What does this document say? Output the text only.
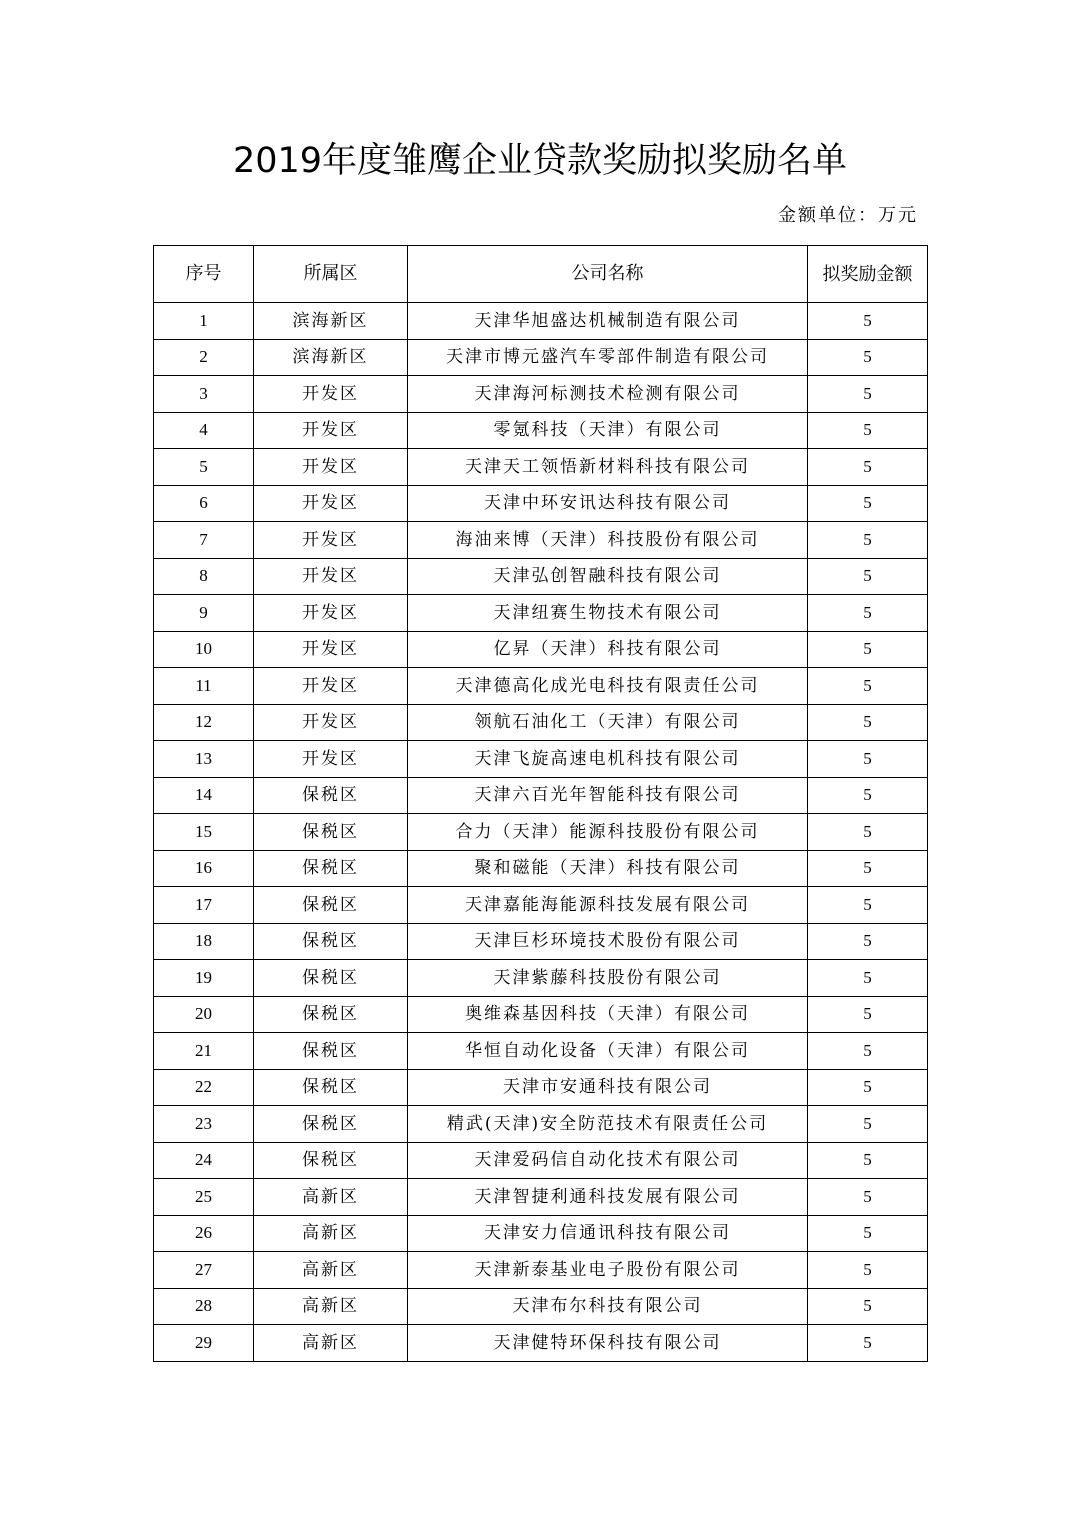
2019年度雏鹰企业贷款奖励拟奖励名单
金额单位：万元
序号	所属区	公司名称	拟奖励金额
1	滨海新区	天津华旭盛达机械制造有限公司	5
2	滨海新区	天津市博元盛汽车零部件制造有限公司	5
3	开发区	天津海河标测技术检测有限公司	5
4	开发区	零氪科技（天津）有限公司	5
5	开发区	天津天工领悟新材料科技有限公司	5
6	开发区	天津中环安讯达科技有限公司	5
7	开发区	海油来博（天津）科技股份有限公司	5
8	开发区	天津弘创智融科技有限公司	5
9	开发区	天津纽赛生物技术有限公司	5
10	开发区	亿昇（天津）科技有限公司	5
11	开发区	天津德高化成光电科技有限责任公司	5
12	开发区	领航石油化工（天津）有限公司	5
13	开发区	天津飞旋高速电机科技有限公司	5
14	保税区	天津六百光年智能科技有限公司	5
15	保税区	合力（天津）能源科技股份有限公司	5
16	保税区	聚和磁能（天津）科技有限公司	5
17	保税区	天津嘉能海能源科技发展有限公司	5
18	保税区	天津巨杉环境技术股份有限公司	5
19	保税区	天津紫藤科技股份有限公司	5
20	保税区	奥维森基因科技（天津）有限公司	5
21	保税区	华恒自动化设备（天津）有限公司	5
22	保税区	天津市安通科技有限公司	5
23	保税区	精武(天津)安全防范技术有限责任公司	5
24	保税区	天津爱码信自动化技术有限公司	5
25	高新区	天津智捷利通科技发展有限公司	5
26	高新区	天津安力信通讯科技有限公司	5
27	高新区	天津新泰基业电子股份有限公司	5
28	高新区	天津布尔科技有限公司	5
29	高新区	天津健特环保科技有限公司	5
